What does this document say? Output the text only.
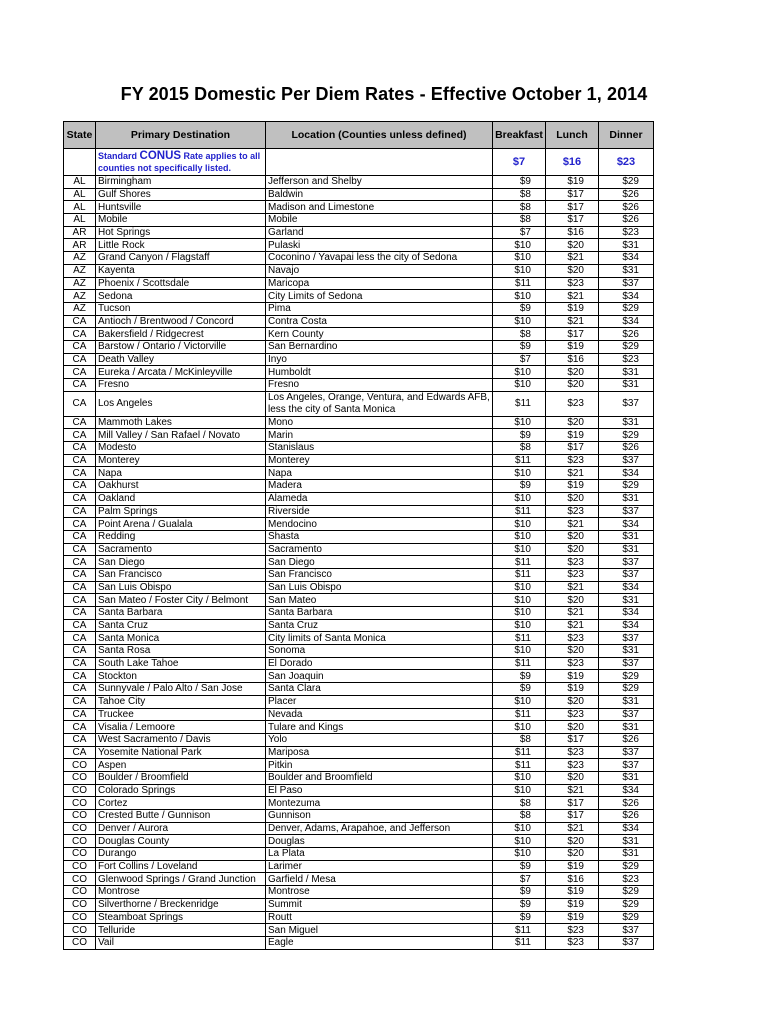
FY 2015 Domestic Per Diem Rates - Effective October 1, 2014
State	Primary Destination	Location (Counties unless defined)	Breakfast	Lunch	Dinner

	Standard CONUS Rate applies to all counties not specifically listed.		$7	$16	$23
AL	Birmingham	Jefferson and Shelby	$9	$19	$29
AL	Gulf Shores	Baldwin	$8	$17	$26
AL	Huntsville	Madison and Limestone	$8	$17	$26
AL	Mobile	Mobile	$8	$17	$26
AR	Hot Springs	Garland	$7	$16	$23
AR	Little Rock	Pulaski	$10	$20	$31
AZ	Grand Canyon / Flagstaff	Coconino / Yavapai less the city of Sedona	$10	$21	$34
AZ	Kayenta	Navajo	$10	$20	$31
AZ	Phoenix / Scottsdale	Maricopa	$11	$23	$37
AZ	Sedona	City Limits of Sedona	$10	$21	$34
AZ	Tucson	Pima	$9	$19	$29
CA	Antioch / Brentwood / Concord	Contra Costa	$10	$21	$34
CA	Bakersfield / Ridgecrest	Kern County	$8	$17	$26
CA	Barstow / Ontario / Victorville	San Bernardino	$9	$19	$29
CA	Death Valley	Inyo	$7	$16	$23
CA	Eureka / Arcata / McKinleyville	Humboldt	$10	$20	$31
CA	Fresno	Fresno	$10	$20	$31
CA	Los Angeles	Los Angeles, Orange, Ventura, and Edwards AFB, less the city of Santa Monica	$11	$23	$37
CA	Mammoth Lakes	Mono	$10	$20	$31
CA	Mill Valley / San Rafael / Novato	Marin	$9	$19	$29
CA	Modesto	Stanislaus	$8	$17	$26
CA	Monterey	Monterey	$11	$23	$37
CA	Napa	Napa	$10	$21	$34
CA	Oakhurst	Madera	$9	$19	$29
CA	Oakland	Alameda	$10	$20	$31
CA	Palm Springs	Riverside	$11	$23	$37
CA	Point Arena / Gualala	Mendocino	$10	$21	$34
CA	Redding	Shasta	$10	$20	$31
CA	Sacramento	Sacramento	$10	$20	$31
CA	San Diego	San Diego	$11	$23	$37
CA	San Francisco	San Francisco	$11	$23	$37
CA	San Luis Obispo	San Luis Obispo	$10	$21	$34
CA	San Mateo / Foster City / Belmont	San Mateo	$10	$20	$31
CA	Santa Barbara	Santa Barbara	$10	$21	$34
CA	Santa Cruz	Santa Cruz	$10	$21	$34
CA	Santa Monica	City limits of Santa Monica	$11	$23	$37
CA	Santa Rosa	Sonoma	$10	$20	$31
CA	South Lake Tahoe	El Dorado	$11	$23	$37
CA	Stockton	San Joaquin	$9	$19	$29
CA	Sunnyvale / Palo Alto / San Jose	Santa Clara	$9	$19	$29
CA	Tahoe City	Placer	$10	$20	$31
CA	Truckee	Nevada	$11	$23	$37
CA	Visalia / Lemoore	Tulare and Kings	$10	$20	$31
CA	West Sacramento / Davis	Yolo	$8	$17	$26
CA	Yosemite National Park	Mariposa	$11	$23	$37
CO	Aspen	Pitkin	$11	$23	$37
CO	Boulder / Broomfield	Boulder and Broomfield	$10	$20	$31
CO	Colorado Springs	El Paso	$10	$21	$34
CO	Cortez	Montezuma	$8	$17	$26
CO	Crested Butte / Gunnison	Gunnison	$8	$17	$26
CO	Denver / Aurora	Denver, Adams, Arapahoe, and Jefferson	$10	$21	$34
CO	Douglas County	Douglas	$10	$20	$31
CO	Durango	La Plata	$10	$20	$31
CO	Fort Collins / Loveland	Larimer	$9	$19	$29
CO	Glenwood Springs / Grand Junction	Garfield / Mesa	$7	$16	$23
CO	Montrose	Montrose	$9	$19	$29
CO	Silverthorne / Breckenridge	Summit	$9	$19	$29
CO	Steamboat Springs	Routt	$9	$19	$29
CO	Telluride	San Miguel	$11	$23	$37
CO	Vail	Eagle	$11	$23	$37
